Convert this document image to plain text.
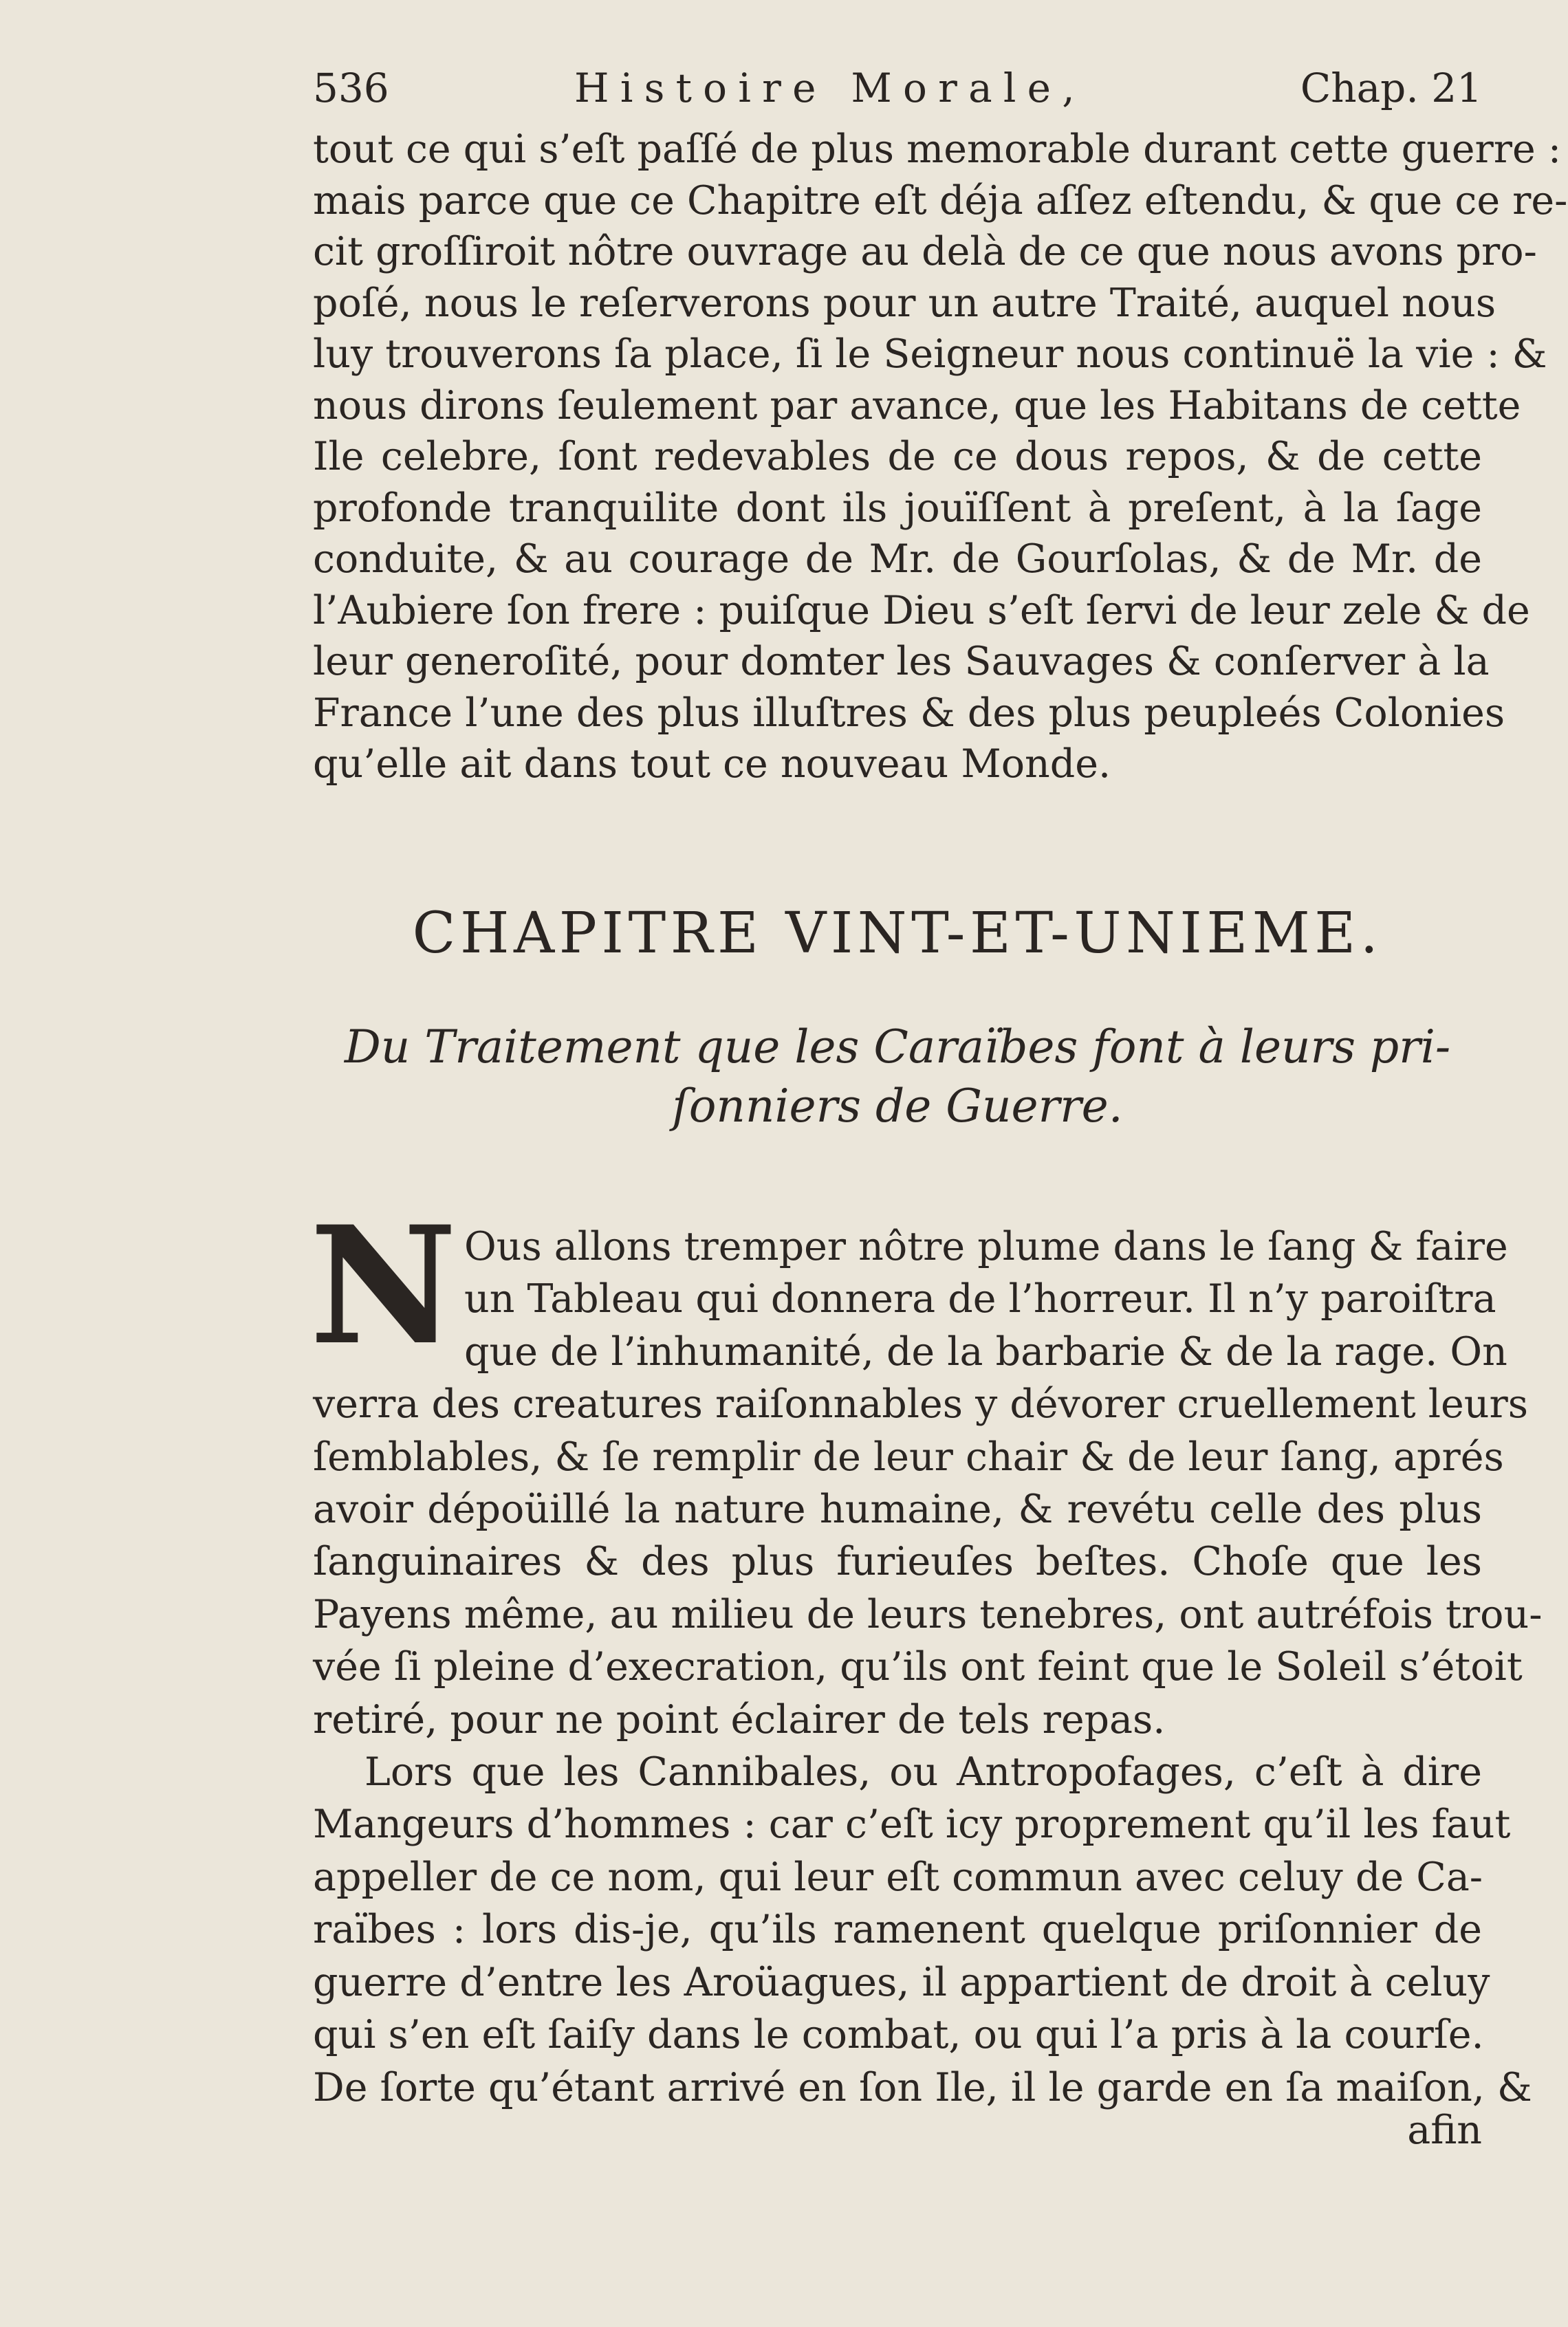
536	Histoire Morale,	Chap. 21
tout ce qui s’eſt paſſé de plus memorable durant cette guerre :
mais parce que ce Chapitre eſt déja aſſez eſtendu, & que ce re-
cit groſſiroit nôtre ouvrage au delà de ce que nous avons pro-
poſé, nous le reſerverons pour un autre Traité, auquel nous
luy trouverons ſa place, ſi le Seigneur nous continuë la vie : &
nous dirons ſeulement par avance, que les Habitans de cette
Ile celebre, ſont redevables de ce dous repos, & de cette
profonde tranquilite dont ils jouïſſent à preſent, à la ſage
conduite, & au courage de Mr. de Gourſolas, & de Mr. de
l’Aubiere ſon frere : puiſque Dieu s’eſt ſervi de leur zele & de
leur generoſité, pour domter les Sauvages & conſerver à la
France l’une des plus illuſtres & des plus peupleés Colonies
qu’elle ait dans tout ce nouveau Monde.
CHAPITRE VINT-ET-UNIEME.
Du Traitement que les Caraïbes font à leurs pri-
ſonniers de Guerre.
N Ous allons tremper nôtre plume dans le ſang & faire
un Tableau qui donnera de l’horreur. Il n’y paroiſtra
que de l’inhumanité, de la barbarie & de la rage. On
verra des creatures raiſonnables y dévorer cruellement leurs
ſemblables, & ſe remplir de leur chair & de leur ſang, aprés
avoir dépoüillé la nature humaine, & revétu celle des plus
ſanguinaires & des plus furieuſes beſtes. Choſe que les
Payens même, au milieu de leurs tenebres, ont autréfois trou-
vée ſi pleine d’execration, qu’ils ont feint que le Soleil s’étoit
retiré, pour ne point éclairer de tels repas.
Lors que les Cannibales, ou Antropofages, c’eſt à dire
Mangeurs d’hommes : car c’eſt icy proprement qu’il les faut
appeller de ce nom, qui leur eſt commun avec celuy de Ca-
raïbes : lors dis-je, qu’ils ramenent quelque priſonnier de
guerre d’entre les Aroüagues, il appartient de droit à celuy
qui s’en eſt ſaiſy dans le combat, ou qui l’a pris à la courſe.
De ſorte qu’étant arrivé en ſon Ile, il le garde en ſa maiſon, &
afin
